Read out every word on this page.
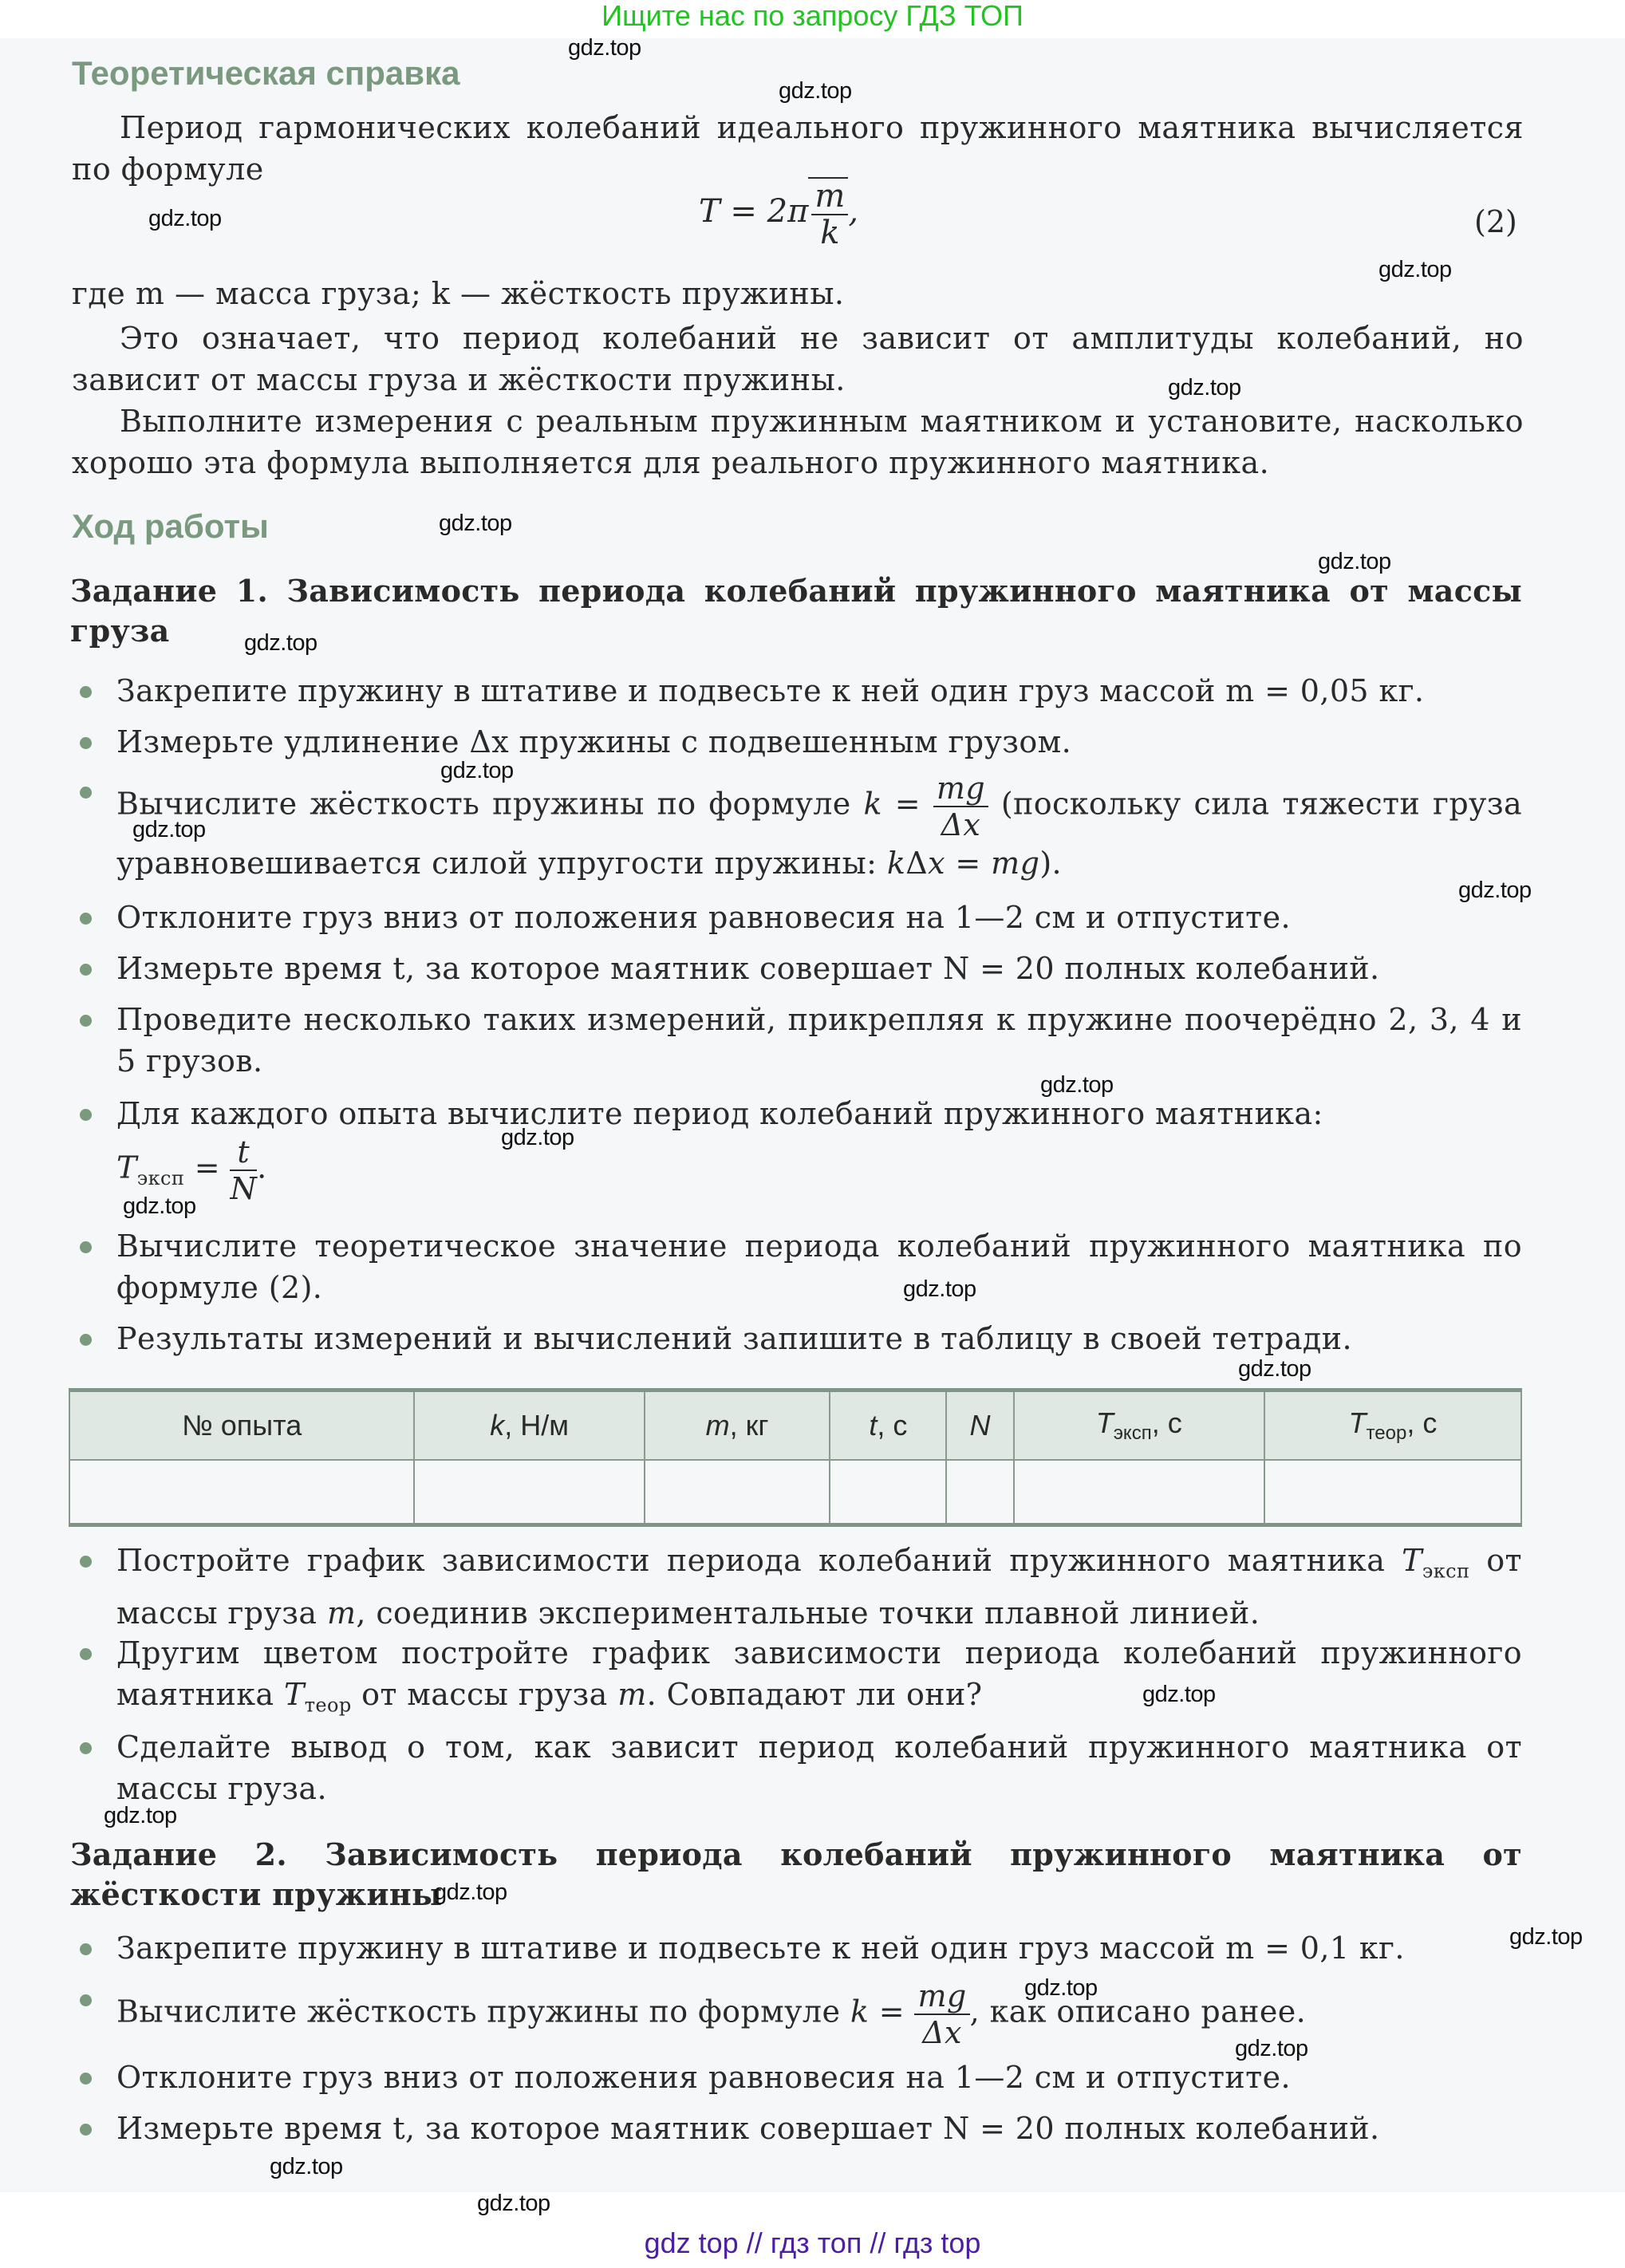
Ищите нас по запросу ГДЗ ТОП
Теоретическая справка
Период гармонических колебаний идеального пружинного маятника вычисляется по формуле
$T = 2\pi \frac{m}{k}$ ,	(2)
где m — масса груза; k — жёсткость пружины.
Это означает, что период колебаний не зависит от амплитуды колебаний, но зависит от массы груза и жёсткости пружины.
Выполните измерения с реальным пружинным маятником и установите, насколько хорошо эта формула выполняется для реального пружинного маятника.
Ход работы
Задание 1. Зависимость периода колебаний пружинного маятника от массы груза
Закрепите пружину в штативе и подвесьте к ней один груз массой m = 0,05 кг.
Измерьте удлинение Δx пружины с подвешенным грузом.
Вычислите жёсткость пружины по формуле $k = \frac{mg}{\Delta x}$ (поскольку сила тяжести груза уравновешивается силой упругости пружины: kΔx = mg).
Отклоните груз вниз от положения равновесия на 1—2 см и отпустите.
Измерьте время t, за которое маятник совершает N = 20 полных колебаний.
Проведите несколько таких измерений, прикрепляя к пружине поочерёдно 2, 3, 4 и 5 грузов.
Для каждого опыта вычислите период колебаний пружинного маятника:
$T_{эксп} = \frac{t}{N}$ .
Вычислите теоретическое значение периода колебаний пружинного маятника по формуле (2).
Результаты измерений и вычислений запишите в таблицу в своей тетради.
№ опыта	k, Н/м	m, кг	t, с	N	$T_{эксп}$, с	$T_{теор}$, с

Постройте график зависимости периода колебаний пружинного маятника $T_{эксп}$ от массы груза m, соединив экспериментальные точки плавной линией.
Другим цветом постройте график зависимости периода колебаний пружинного маятника $T_{теор}$ от массы груза m. Совпадают ли они?
Сделайте вывод о том, как зависит период колебаний пружинного маятника от массы груза.
Задание 2. Зависимость периода колебаний пружинного маятника от жёсткости пружины
Закрепите пружину в штативе и подвесьте к ней один груз массой m = 0,1 кг.
Вычислите жёсткость пружины по формуле $k = \frac{mg}{\Delta x}$ , как описано ранее.
Отклоните груз вниз от положения равновесия на 1—2 см и отпустите.
Измерьте время t, за которое маятник совершает N = 20 полных колебаний.
gdz.top
gdz.top
gdz.top
gdz.top
gdz.top
gdz.top
gdz.top
gdz.top
gdz.top
gdz.top
gdz.top
gdz.top
gdz.top
gdz.top
gdz.top
gdz.top
gdz.top
gdz.top
gdz.top
gdz.top
gdz.top
gdz.top
gdz.top
gdz.top
gdz top // гдз топ // гдз top
